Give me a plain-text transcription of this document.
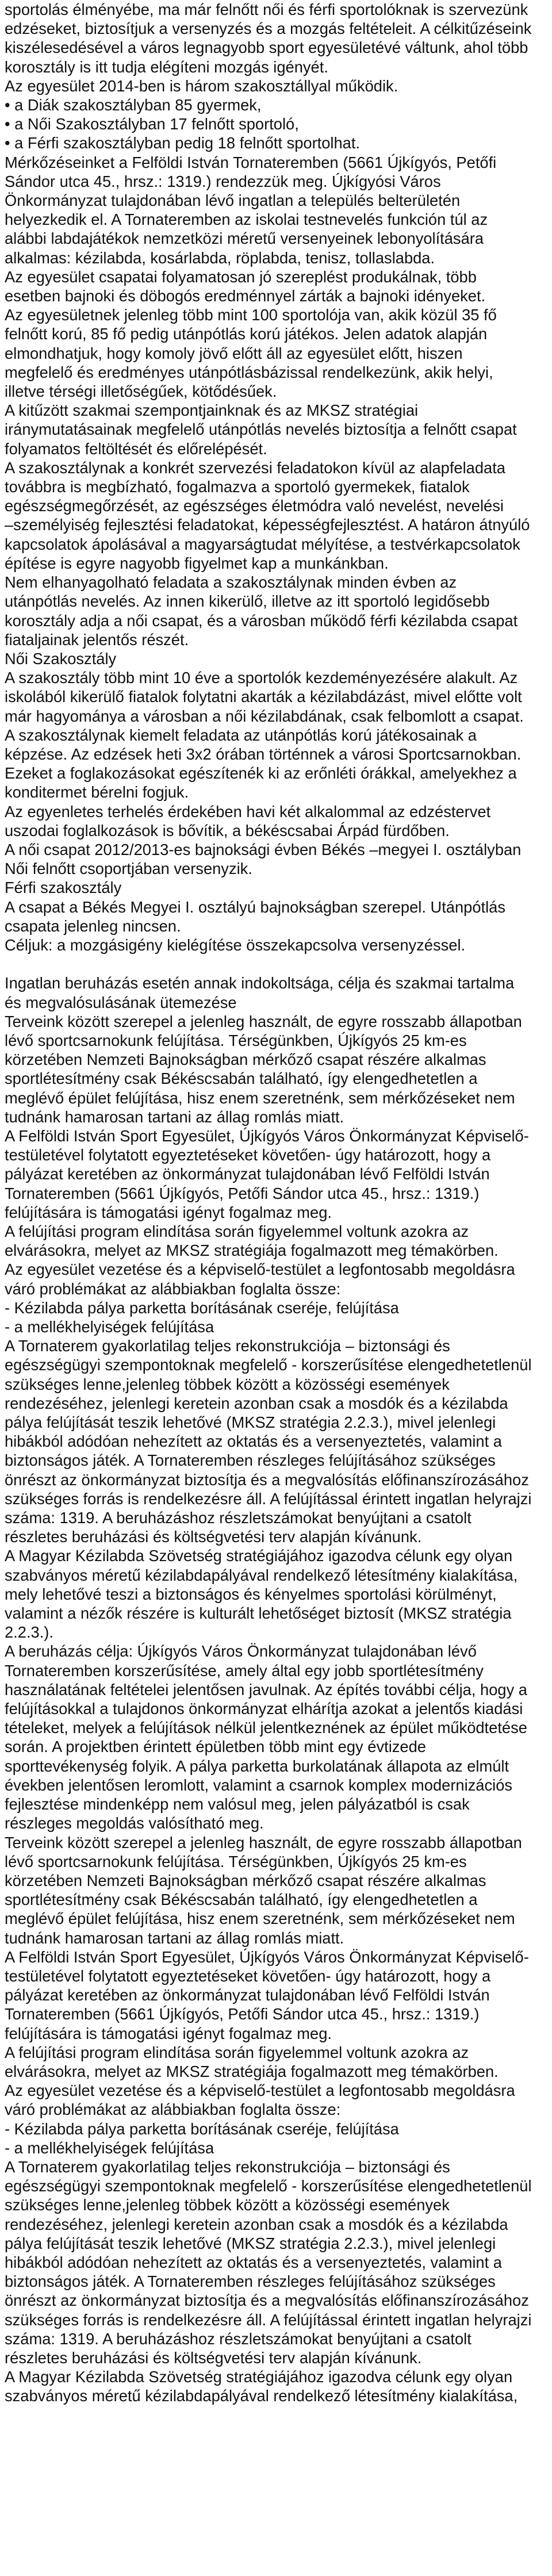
sportolás élményébe, ma már felnőtt női és férfi sportolóknak is szervezünk

edzéseket, biztosítjuk a versenyzés és a mozgás feltételeit. A célkitűzéseink

kiszélesedésével a város legnagyobb sport egyesületévé váltunk, ahol több

korosztály is itt tudja elégíteni mozgás igényét.

Az egyesület 2014-ben is három szakosztállyal működik.

• a Diák szakosztályban 85 gyermek,

• a Női Szakosztályban 17 felnőtt sportoló,

• a Férfi szakosztályban pedig 18 felnőtt sportolhat.

Mérkőzéseinket a Felföldi István Tornateremben (5661 Újkígyós, Petőfi

Sándor utca 45., hrsz.: 1319.) rendezzük meg. Újkígyósi Város

Önkormányzat tulajdonában lévő ingatlan a település belterületén

helyezkedik el. A Tornateremben az iskolai testnevelés funkción túl az

alábbi labdajátékok nemzetközi méretű versenyeinek lebonyolítására

alkalmas: kézilabda, kosárlabda, röplabda, tenisz, tollaslabda.

Az egyesület csapatai folyamatosan jó szereplést produkálnak, több

esetben bajnoki és döbogós eredménnyel zárták a bajnoki idényeket.

Az egyesületnek jelenleg több mint 100 sportolója van, akik közül 35 fő

felnőtt korú, 85 fő pedig utánpótlás korú játékos. Jelen adatok alapján

elmondhatjuk, hogy komoly jövő előtt áll az egyesület előtt, hiszen

megfelelő és eredményes utánpótlásbázissal rendelkezünk, akik helyi,

illetve térségi illetőségűek, kötődésűek.

A kitűzött szakmai szempontjainknak és az MKSZ stratégiai

iránymutatásainak megfelelő utánpótlás nevelés biztosítja a felnőtt csapat

folyamatos feltöltését és előrelépését.

A szakosztálynak a konkrét szervezési feladatokon kívül az alapfeladata

továbbra is megbízható, fogalmazva a sportoló gyermekek, fiatalok

egészségmegőrzését, az egészséges életmódra való nevelést, nevelési

–személyiség fejlesztési feladatokat, képességfejlesztést. A határon átnyúló

kapcsolatok ápolásával a magyarságtudat mélyítése, a testvérkapcsolatok

építése is egyre nagyobb figyelmet kap a munkánkban.

Nem elhanyagolható feladata a szakosztálynak minden évben az

utánpótlás nevelés. Az innen kikerülő, illetve az itt sportoló legidősebb

korosztály adja a női csapat, és a városban működő férfi kézilabda csapat

fiatalјainak jelentős részét.

Női Szakosztály

A szakosztály több mint 10 éve a sportolók kezdeményezésére alakult. Az

iskolából kikerülő fiatalok folytatni akarták a kézilabdázást, mivel előtte volt

már hagyománya a városban a női kézilabdának, csak felbomlott a csapat.

A szakosztálynak kiemelt feladata az utánpótlás korú játékosainak a

képzése. Az edzések heti 3x2 órában történnek a városi Sportcsarnokban.

Ezeket a foglakozásokat egészítenék ki az erőnléti órákkal, amelyekhez a

konditermet bérelni fogjuk.

Az egyenletes terhelés érdekében havi két alkalommal az edzéstervet

uszodai foglalkozások is bővítik, a békéscsabai Árpád fürdőben.

A női csapat 2012/2013-es bajnoksági évben Békés –megyei I. osztályban

Női felnőtt csoportjában versenyzik.

Férfi szakosztály

A csapat a Békés Megyei I. osztályú bajnokságban szerepel. Utánpótlás

csapata jelenleg nincsen.

Céljuk: a mozgásigény kielégítése összekapcsolva versenyzéssel.

Ingatlan beruházás esetén annak indokoltsága, célja és szakmai tartalma

és megvalósulásának ütemezése

Terveink között szerepel a jelenleg használt, de egyre rosszabb állapotban

lévő sportcsarnokunk felújítása. Térségünkben, Újkígyós 25 km-es

körzetében Nemzeti Bajnokságban mérkőző csapat részére alkalmas

sportlétesítmény csak Békéscsabán található, így elengedhetetlen a

meglévő épület felújítása, hisz enem szeretnénk, sem mérkőzéseket nem

tudnánk hamarosan tartani az állag romlás miatt.

A Felföldi István Sport Egyesület, Újkígyós Város Önkormányzat Képviselő-

testületével folytatott egyeztetéseket követően- úgy határozott, hogy a

pályázat keretében az önkormányzat tulajdonában lévő Felföldi István

Tornateremben (5661 Újkígyós, Petőfi Sándor utca 45., hrsz.: 1319.)

felújítására is támogatási igényt fogalmaz meg.

A felújítási program elindítása során figyelemmel voltunk azokra az

elvárásokra, melyet az MKSZ stratégiája fogalmazott meg témakörben.

Az egyesület vezetése és a képviselő-testület a legfontosabb megoldásra

váró problémákat az alábbiakban foglalta össze:

- Kézilabda pálya parketta borításának cseréje, felújítása

- a mellékhelyiségek felújítása

A Tornaterem gyakorlatilag teljes rekonstrukciója – biztonsági és

egészségügyi szempontoknak megfelelő - korszerűsítése elengedhetetlenül

szükséges lenne,jelenleg többek között a közösségi események

rendezéséhez, jelenlegi keretein azonban csak a mosdók és a kézilabda

pálya felújítását teszik lehetővé (MKSZ stratégia 2.2.3.), mivel jelenlegi

hibákból adódóan nehezített az oktatás és a versenyeztetés, valamint a

biztonságos játék. A Tornateremben részleges felújításához szükséges

önrészt az önkormányzat biztosítja és a megvalósítás előfinanszírozásához

szükséges forrás is rendelkezésre áll. A felújítással érintett ingatlan helyrajzi

száma: 1319. A beruházáshoz részletszámokat benyújtani a csatolt

részletes beruházási és költségvetési terv alapján kívánunk.

A Magyar Kézilabda Szövetség stratégiájához igazodva célunk egy olyan

szabványos méretű kézilabdapályával rendelkező létesítmény kialakítása,

mely lehetővé teszi a biztonságos és kényelmes sportolási körülményt,

valamint a nézők részére is kulturált lehetőséget biztosít (MKSZ stratégia

2.2.3.).

A beruházás célja: Újkígyós Város Önkormányzat tulajdonában lévő

Tornateremben korszerűsítése, amely által egy jobb sportlétesítmény

használatának feltételei jelentősen javulnak. Az építés további célja, hogy a

felújításokkal a tulajdonos önkormányzat elhárítja azokat a jelentős kiadási

tételeket, melyek a felújítások nélkül jelentkeznének az épület működtetése

során. A projektben érintett épületben több mint egy évtizede

sporttevékenység folyik. A pálya parketta burkolatának állapota az elmúlt

években jelentősen leromlott, valamint a csarnok komplex modernizációs

fejlesztése mindenképp nem valósul meg, jelen pályázatból is csak

részleges megoldás valósítható meg.

Terveink között szerepel a jelenleg használt, de egyre rosszabb állapotban

lévő sportcsarnokunk felújítása. Térségünkben, Újkígyós 25 km-es

körzetében Nemzeti Bajnokságban mérkőző csapat részére alkalmas

sportlétesítmény csak Békéscsabán található, így elengedhetetlen a

meglévő épület felújítása, hisz enem szeretnénk, sem mérkőzéseket nem

tudnánk hamarosan tartani az állag romlás miatt.

A Felföldi István Sport Egyesület, Újkígyós Város Önkormányzat Képviselő-

testületével folytatott egyeztetéseket követően- úgy határozott, hogy a

pályázat keretében az önkormányzat tulajdonában lévő Felföldi István

Tornateremben (5661 Újkígyós, Petőfi Sándor utca 45., hrsz.: 1319.)

felújítására is támogatási igényt fogalmaz meg.

A felújítási program elindítása során figyelemmel voltunk azokra az

elvárásokra, melyet az MKSZ stratégiája fogalmazott meg témakörben.

Az egyesület vezetése és a képviselő-testület a legfontosabb megoldásra

váró problémákat az alábbiakban foglalta össze:

- Kézilabda pálya parketta borításának cseréje, felújítása

- a mellékhelyiségek felújítása

A Tornaterem gyakorlatilag teljes rekonstrukciója – biztonsági és

egészségügyi szempontoknak megfelelő - korszerűsítése elengedhetetlenül

szükséges lenne,jelenleg többek között a közösségi események

rendezéséhez, jelenlegi keretein azonban csak a mosdók és a kézilabda

pálya felújítását teszik lehetővé (MKSZ stratégia 2.2.3.), mivel jelenlegi

hibákból adódóan nehezített az oktatás és a versenyeztetés, valamint a

biztonságos játék. A Tornateremben részleges felújításához szükséges

önrészt az önkormányzat biztosítja és a megvalósítás előfinanszírozásához

szükséges forrás is rendelkezésre áll. A felújítással érintett ingatlan helyrajzi

száma: 1319. A beruházáshoz részletszámokat benyújtani a csatolt

részletes beruházási és költségvetési terv alapján kívánunk.

A Magyar Kézilabda Szövetség stratégiájához igazodva célunk egy olyan

szabványos méretű kézilabdapályával rendelkező létesítmény kialakítása,
